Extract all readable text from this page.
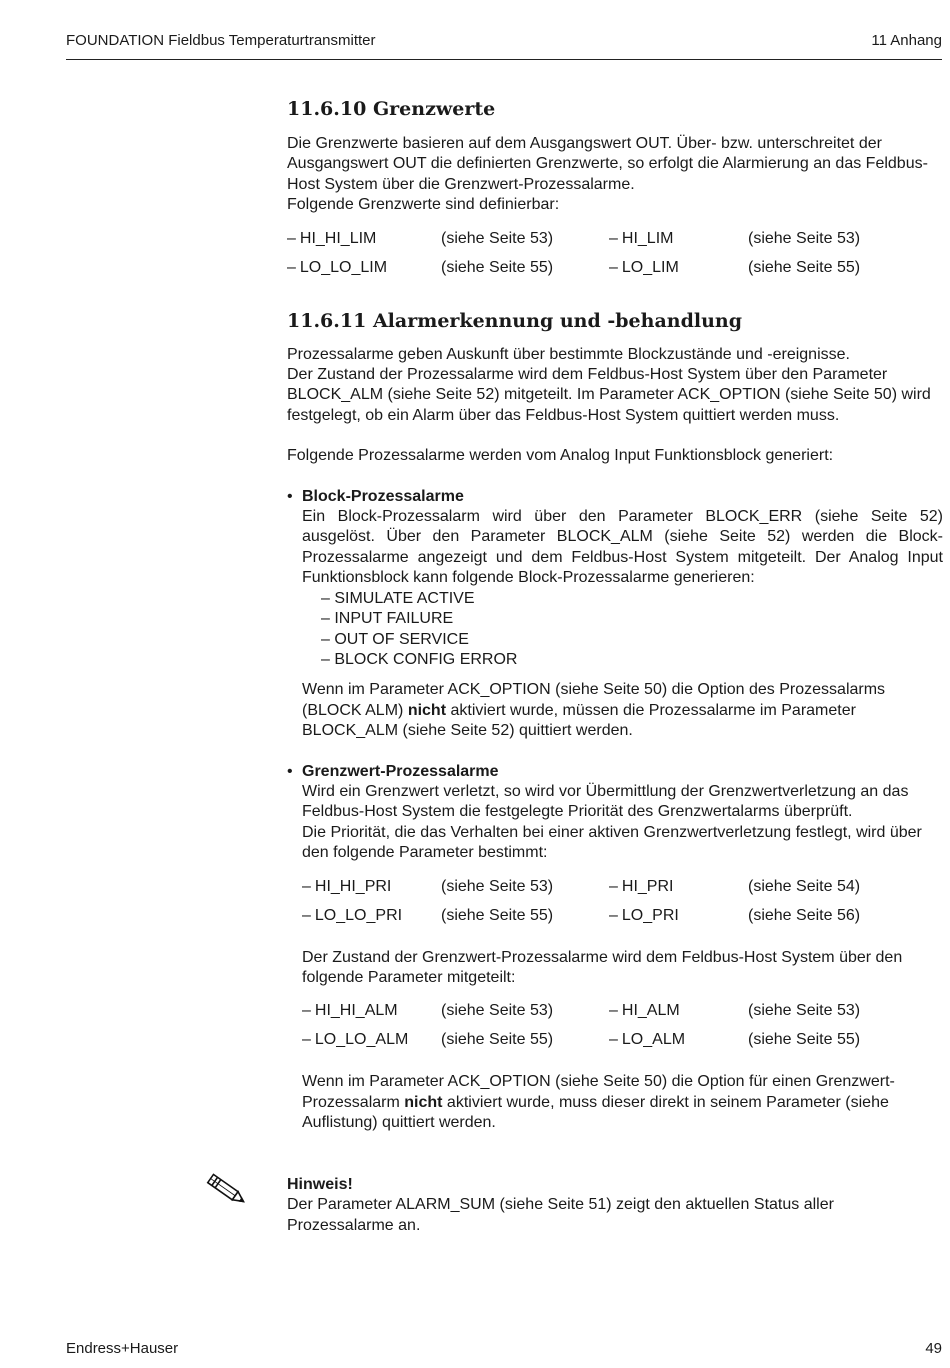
FOUNDATION Fieldbus Temperaturtransmitter	11 Anhang
11.6.10 Grenzwerte

Die Grenzwerte basieren auf dem Ausgangswert OUT. Über- bzw. unterschreitet der Ausgangswert OUT die definierten Grenzwerte, so erfolgt die Alarmierung an das Feldbus-Host System über die Grenzwert-Prozessalarme.

Folgende Grenzwerte sind definierbar:

– HI_HI_LIM	(siehe Seite 53)	– HI_LIM	(siehe Seite 53)
– LO_LO_LIM	(siehe Seite 55)	– LO_LIM	(siehe Seite 55)
11.6.11 Alarmerkennung und -behandlung

Prozessalarme geben Auskunft über bestimmte Blockzustände und -ereignisse.

Der Zustand der Prozessalarme wird dem Feldbus-Host System über den Parameter BLOCK_ALM (siehe Seite 52) mitgeteilt. Im Parameter ACK_OPTION (siehe Seite 50) wird festgelegt, ob ein Alarm über das Feldbus-Host System quittiert werden muss.

Folgende Prozessalarme werden vom Analog Input Funktionsblock generiert:

• Block-Prozessalarme

Ein Block-Prozessalarm wird über den Parameter BLOCK_ERR (siehe Seite 52) ausgelöst. Über den Parameter BLOCK_ALM (siehe Seite 52) werden die Block-Prozessalarme angezeigt und dem Feldbus-Host System mitgeteilt. Der Analog Input Funktionsblock kann folgende Block-Prozessalarme generieren:

– SIMULATE ACTIVE
– INPUT FAILURE
– OUT OF SERVICE
– BLOCK CONFIG ERROR

Wenn im Parameter ACK_OPTION (siehe Seite 50) die Option des Prozessalarms (BLOCK ALM) nicht aktiviert wurde, müssen die Prozessalarme im Parameter BLOCK_ALM (siehe Seite 52) quittiert werden.

• Grenzwert-Prozessalarme

Wird ein Grenzwert verletzt, so wird vor Übermittlung der Grenzwertverletzung an das Feldbus-Host System die festgelegte Priorität des Grenzwertalarms überprüft.

Die Priorität, die das Verhalten bei einer aktiven Grenzwertverletzung festlegt, wird über den folgende Parameter bestimmt:

– HI_HI_PRI	(siehe Seite 53)	– HI_PRI	(siehe Seite 54)
– LO_LO_PRI	(siehe Seite 55)	– LO_PRI	(siehe Seite 56)

Der Zustand der Grenzwert-Prozessalarme wird dem Feldbus-Host System über den folgende Parameter mitgeteilt:

– HI_HI_ALM	(siehe Seite 53)	– HI_ALM	(siehe Seite 53)
– LO_LO_ALM	(siehe Seite 55)	– LO_ALM	(siehe Seite 55)

Wenn im Parameter ACK_OPTION (siehe Seite 50) die Option für einen Grenzwert-Prozessalarm nicht aktiviert wurde, muss dieser direkt in seinem Parameter (siehe Auflistung) quittiert werden.

Hinweis!

Der Parameter ALARM_SUM (siehe Seite 51) zeigt den aktuellen Status aller Prozessalarme an.

Endress+Hauser	49
